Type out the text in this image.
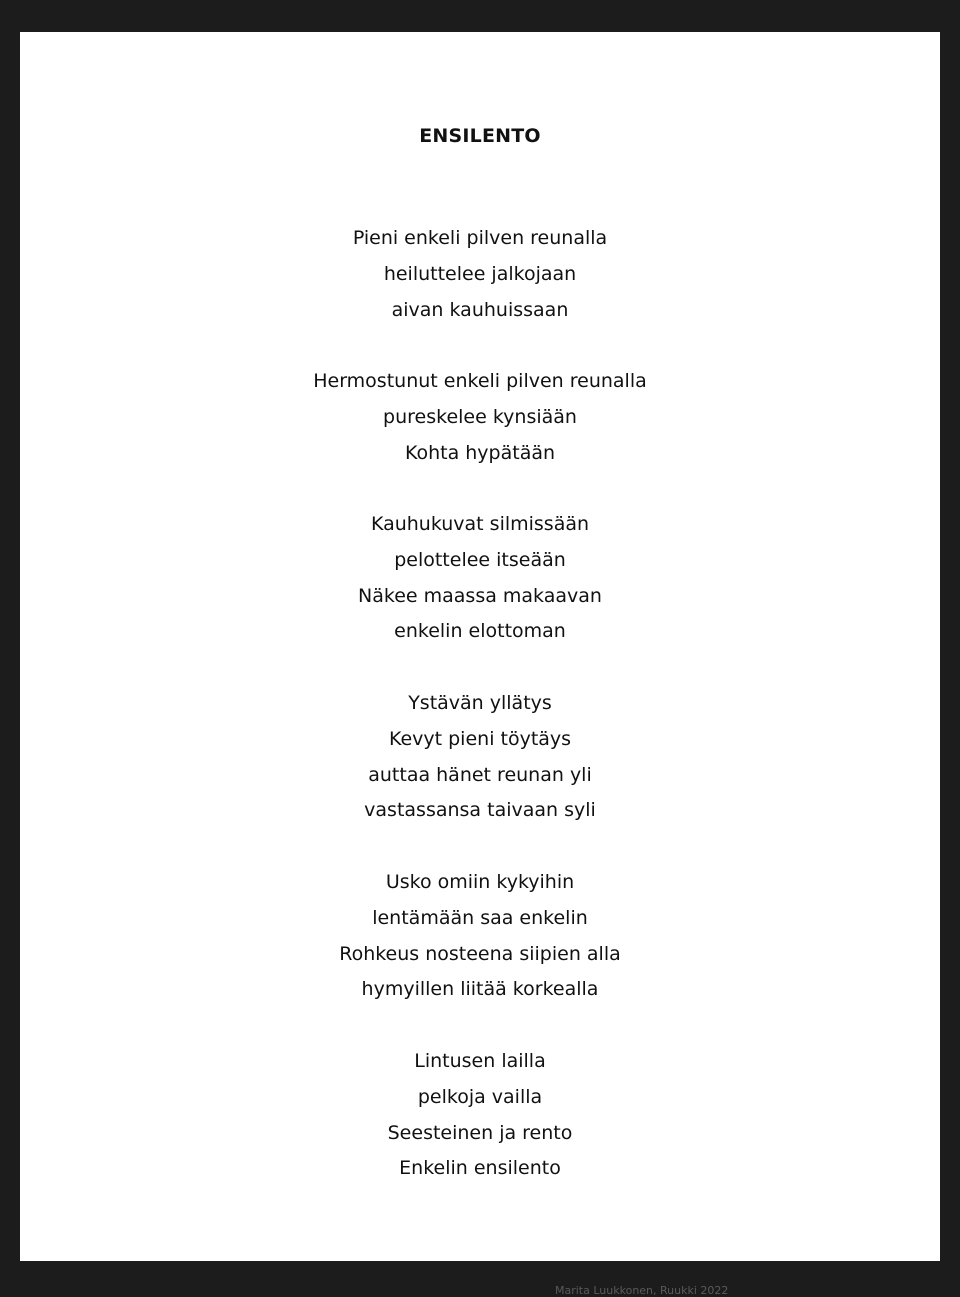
ENSILENTO
Pieni enkeli pilven reunalla
heiluttelee jalkojaan
aivan kauhuissaan
Hermostunut enkeli pilven reunalla
pureskelee kynsiään
Kohta hypätään
Kauhukuvat silmissään
pelottelee itseään
Näkee maassa makaavan
enkelin elottoman
Ystävän yllätys
Kevyt pieni töytäys
auttaa hänet reunan yli
vastassansa taivaan syli
Usko omiin kykyihin
lentämään saa enkelin
Rohkeus nosteena siipien alla
hymyillen liitää korkealla
Lintusen lailla
pelkoja vailla
Seesteinen ja rento
Enkelin ensilento
Marita Luukkonen, Ruukki 2022
